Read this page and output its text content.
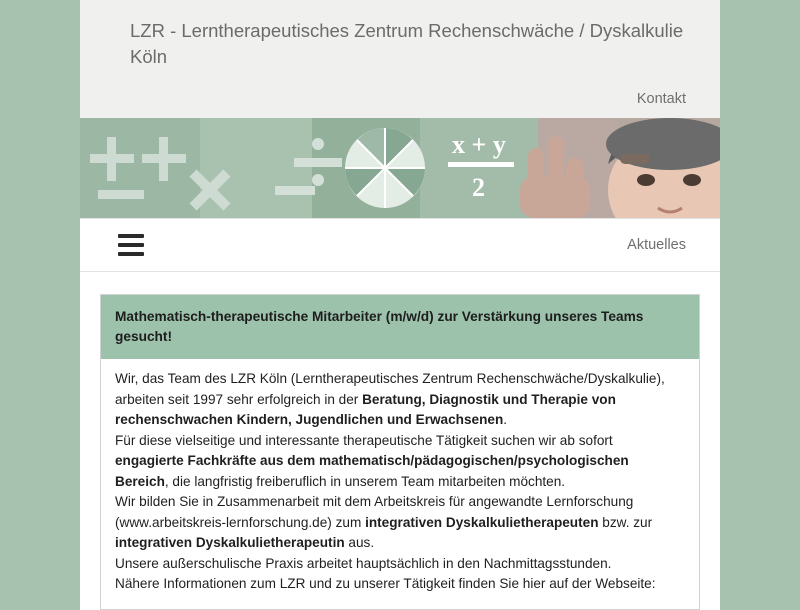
LZR - Lerntherapeutisches Zentrum Rechenschwäche / Dyskalkulie Köln
Kontakt
x + y
2
Aktuelles
Mathematisch-therapeutische Mitarbeiter (m/w/d) zur Verstärkung unseres Teams gesucht!

Wir, das Team des LZR Köln (Lerntherapeutisches Zentrum Rechenschwäche/Dyskalkulie), arbeiten seit 1997 sehr erfolgreich in der Beratung, Diagnostik und Therapie von rechenschwachen Kindern, Jugendlichen und Erwachsenen.

Für diese vielseitige und interessante therapeutische Tätigkeit suchen wir ab sofort engagierte Fachkräfte aus dem mathematisch/pädagogischen/psychologischen Bereich, die langfristig freiberuflich in unserem Team mitarbeiten möchten.

Wir bilden Sie in Zusammenarbeit mit dem Arbeitskreis für angewandte Lernforschung (www.arbeitskreis-lernforschung.de) zum integrativen Dyskalkulietherapeuten bzw. zur integrativen Dyskalkulietherapeutin aus.

Unsere außerschulische Praxis arbeitet hauptsächlich in den Nachmittagsstunden.

Nähere Informationen zum LZR und zu unserer Tätigkeit finden Sie hier auf der Webseite:
